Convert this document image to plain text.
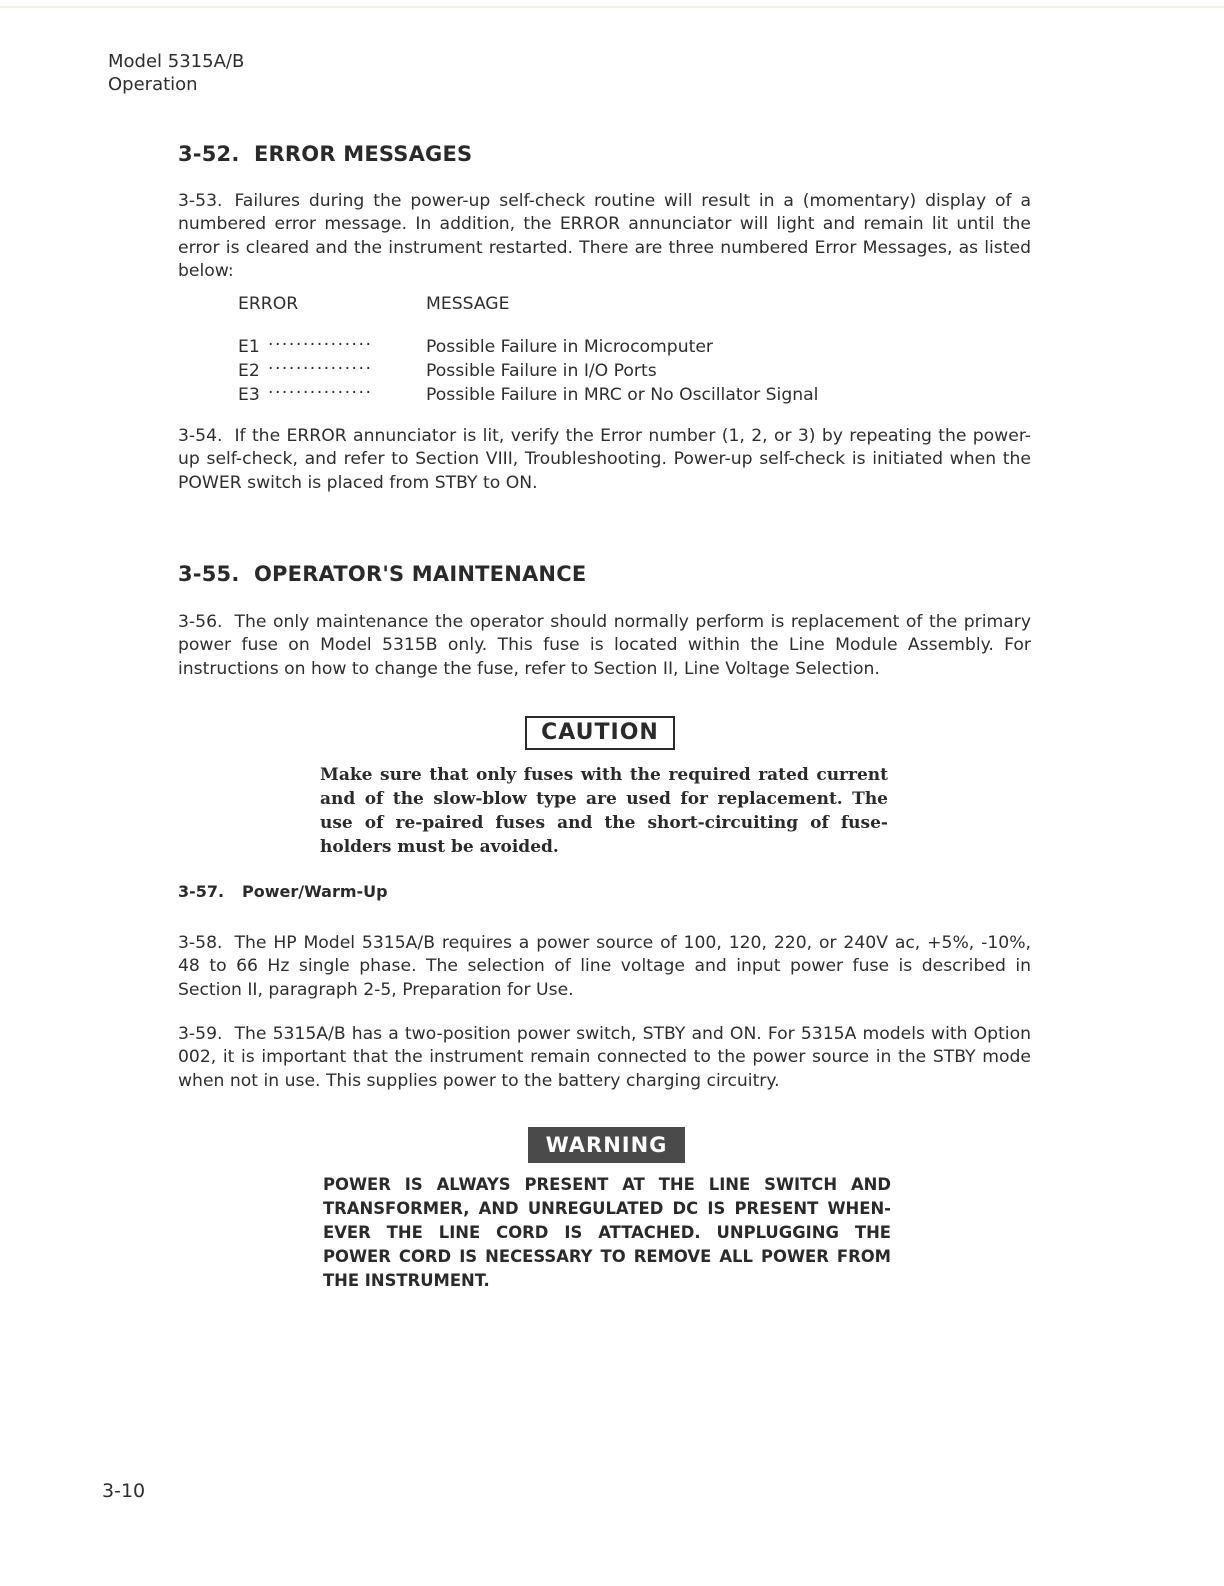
Model 5315A/B
Operation
3-52. ERROR MESSAGES
3-53. Failures during the power-up self-check routine will result in a (momentary) display of a numbered error message. In addition, the ERROR annunciator will light and remain lit until the error is cleared and the instrument restarted. There are three numbered Error Messages, as listed below:
ERROR	MESSAGE
E1 ...............	Possible Failure in Microcomputer
E2 ...............	Possible Failure in I/O Ports
E3 ...............	Possible Failure in MRC or No Oscillator Signal
3-54. If the ERROR annunciator is lit, verify the Error number (1, 2, or 3) by repeating the power-up self-check, and refer to Section VIII, Troubleshooting. Power-up self-check is initiated when the POWER switch is placed from STBY to ON.
3-55. OPERATOR'S MAINTENANCE
3-56. The only maintenance the operator should normally perform is replacement of the primary power fuse on Model 5315B only. This fuse is located within the Line Module Assembly. For instructions on how to change the fuse, refer to Section II, Line Voltage Selection.
CAUTION
Make sure that only fuses with the required rated current and of the slow-blow type are used for replacement. The use of re-paired fuses and the short-circuiting of fuse-holders must be avoided.
3-57. Power/Warm-Up
3-58. The HP Model 5315A/B requires a power source of 100, 120, 220, or 240V ac, +5%, -10%, 48 to 66 Hz single phase. The selection of line voltage and input power fuse is described in Section II, paragraph 2-5, Preparation for Use.
3-59. The 5315A/B has a two-position power switch, STBY and ON. For 5315A models with Option 002, it is important that the instrument remain connected to the power source in the STBY mode when not in use. This supplies power to the battery charging circuitry.
WARNING
POWER IS ALWAYS PRESENT AT THE LINE SWITCH AND TRANSFORMER, AND UNREGULATED DC IS PRESENT WHEN-EVER THE LINE CORD IS ATTACHED. UNPLUGGING THE POWER CORD IS NECESSARY TO REMOVE ALL POWER FROM THE INSTRUMENT.
3-10
